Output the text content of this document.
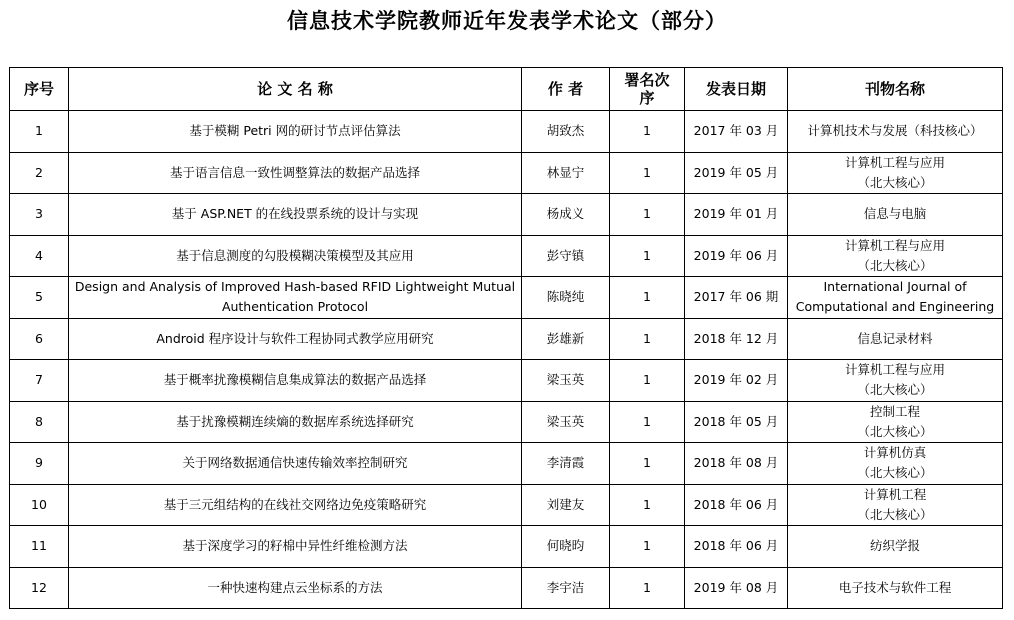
信息技术学院教师近年发表学术论文（部分）
序号	论 文 名 称	作 者	署名次序	发表日期	刊物名称
1	基于模糊 Petri 网的研讨节点评估算法	胡致杰	1	2017 年 03 月	计算机技术与发展（科技核心）

2	基于语言信息一致性调整算法的数据产品选择	林显宁	1	2019 年 05 月	计算机工程与应用
（北大核心）

3	基于 ASP.NET 的在线投票系统的设计与实现	杨成义	1	2019 年 01 月	信息与电脑

4	基于信息测度的勾股模糊决策模型及其应用	彭守镇	1	2019 年 06 月	计算机工程与应用
（北大核心）

5	Design and Analysis of Improved Hash-based RFID Lightweight Mutual Authentication Protocol	陈晓纯	1	2017 年 06 期	International Journal of
Computational and Engineering

6	Android 程序设计与软件工程协同式教学应用研究	彭雄新	1	2018 年 12 月	信息记录材料

7	基于概率扰豫模糊信息集成算法的数据产品选择	梁玉英	1	2019 年 02 月	计算机工程与应用
（北大核心）

8	基于扰豫模糊连续熵的数据库系统选择研究	梁玉英	1	2018 年 05 月	控制工程
（北大核心）

9	关于网络数据通信快速传输效率控制研究	李清霞	1	2018 年 08 月	计算机仿真
（北大核心）

10	基于三元组结构的在线社交网络边免疫策略研究	刘建友	1	2018 年 06 月	计算机工程
（北大核心）

11	基于深度学习的籽棉中异性纤维检测方法	何晓昀	1	2018 年 06 月	纺织学报

12	一种快速构建点云坐标系的方法	李宇洁	1	2019 年 08 月	电子技术与软件工程
